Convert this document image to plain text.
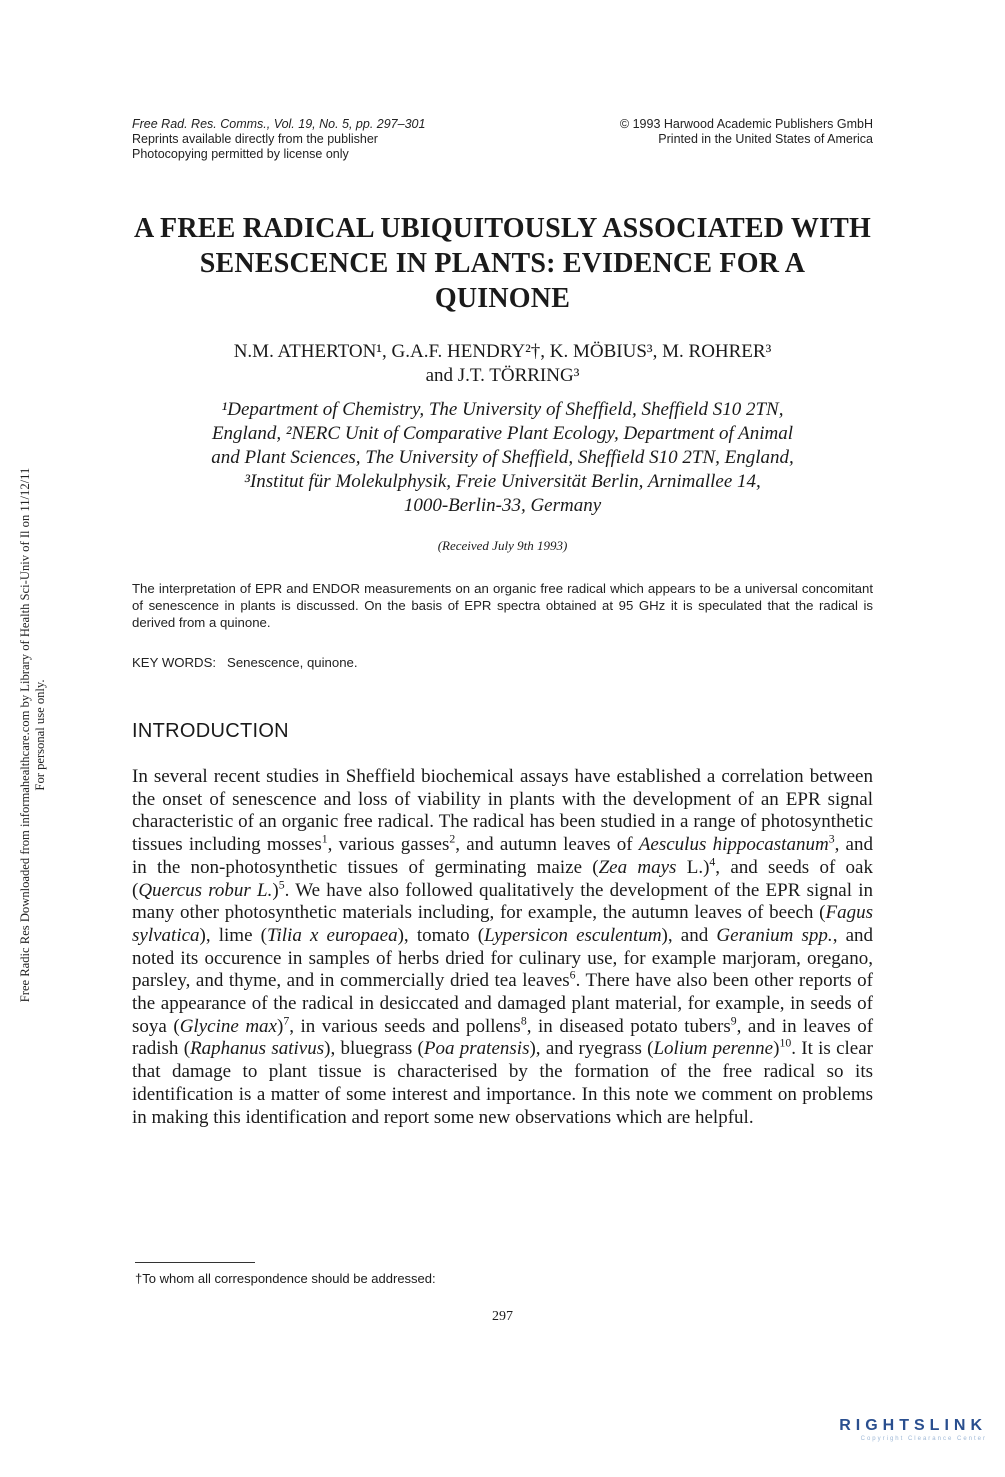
Free Rad. Res. Comms., Vol. 19, No. 5, pp. 297–301
Reprints available directly from the publisher
Photocopying permitted by license only
© 1993 Harwood Academic Publishers GmbH
Printed in the United States of America
A FREE RADICAL UBIQUITOUSLY ASSOCIATED WITH SENESCENCE IN PLANTS: EVIDENCE FOR A QUINONE
N.M. ATHERTON¹, G.A.F. HENDRY²†, K. MÖBIUS³, M. ROHRER³
and J.T. TÖRRING³
¹Department of Chemistry, The University of Sheffield, Sheffield S10 2TN,
England, ²NERC Unit of Comparative Plant Ecology, Department of Animal
and Plant Sciences, The University of Sheffield, Sheffield S10 2TN, England,
³Institut für Molekulphysik, Freie Universität Berlin, Arnimallee 14,
1000-Berlin-33, Germany
(Received July 9th 1993)
The interpretation of EPR and ENDOR measurements on an organic free radical which appears to be a universal concomitant of senescence in plants is discussed. On the basis of EPR spectra obtained at 95 GHz it is speculated that the radical is derived from a quinone.
KEY WORDS: Senescence, quinone.
INTRODUCTION
In several recent studies in Sheffield biochemical assays have established a correlation between the onset of senescence and loss of viability in plants with the development of an EPR signal characteristic of an organic free radical. The radical has been studied in a range of photosynthetic tissues including mosses$^1$, various gasses$^2$, and autumn leaves of Aesculus hippocastanum$^3$, and in the non-photosynthetic tissues of germinating maize (Zea mays L.)$^4$, and seeds of oak (Quercus robur L.)$^5$. We have also followed qualitatively the development of the EPR signal in many other photosynthetic materials including, for example, the autumn leaves of beech (Fagus sylvatica), lime (Tilia x europaea), tomato (Lypersicon esculentum), and Geranium spp., and noted its occurence in samples of herbs dried for culinary use, for example marjoram, oregano, parsley, and thyme, and in commercially dried tea leaves$^6$. There have also been other reports of the appearance of the radical in desiccated and damaged plant material, for example, in seeds of soya (Glycine max)$^7$, in various seeds and pollens$^8$, in diseased potato tubers$^9$, and in leaves of radish (Raphanus sativus), bluegrass (Poa pratensis), and ryegrass (Lolium perenne)$^{10}$. It is clear that damage to plant tissue is characterised by the formation of the free radical so its identification is a matter of some interest and importance. In this note we comment on problems in making this identification and report some new observations which are helpful.
†To whom all correspondence should be addressed:
297
Free Radic Res Downloaded from informahealthcare.com by Library of Health Sci-Univ of Il on 11/12/11 For personal use only.
RIGHTSLINK
Copyright Clearance Center
